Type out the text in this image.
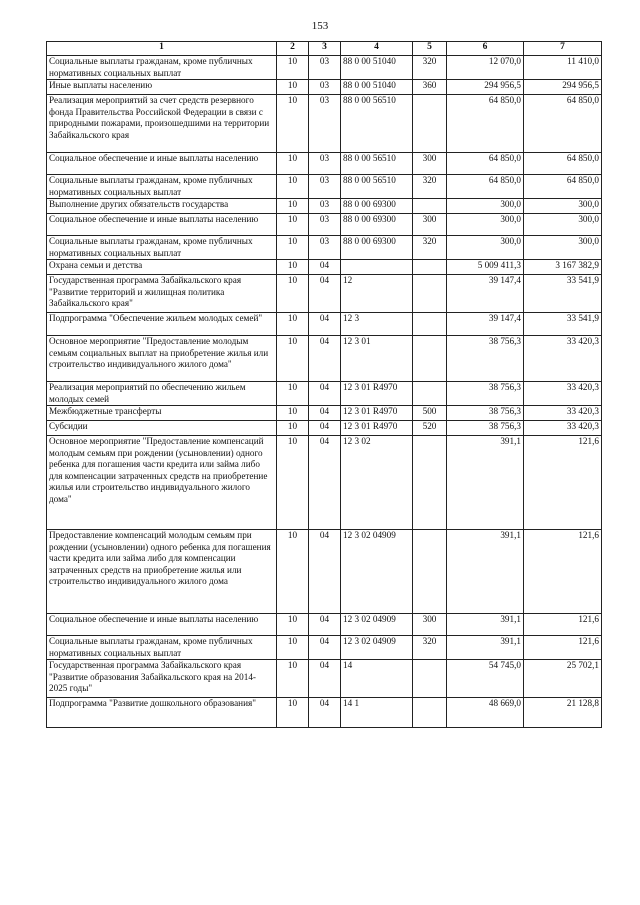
153
1	2	3	4	5	6	7
Социальные выплаты гражданам, кроме публичных нормативных социальных выплат	10	03	88 0 00 51040	320	12 070,0	11 410,0
Иные выплаты населению	10	03	88 0 00 51040	360	294 956,5	294 956,5
Реализация мероприятий за счет средств резервного фонда Правительства Российской Федерации в связи с природными пожарами, произошедшими на территории Забайкальского края	10	03	88 0 00 56510		64 850,0	64 850,0
Социальное обеспечение и иные выплаты населению	10	03	88 0 00 56510	300	64 850,0	64 850,0
Социальные выплаты гражданам, кроме публичных нормативных социальных выплат	10	03	88 0 00 56510	320	64 850,0	64 850,0
Выполнение других обязательств государства	10	03	88 0 00 69300		300,0	300,0
Социальное обеспечение и иные выплаты населению	10	03	88 0 00 69300	300	300,0	300,0
Социальные выплаты гражданам, кроме публичных нормативных социальных выплат	10	03	88 0 00 69300	320	300,0	300,0
Охрана семьи и детства	10	04			5 009 411,3	3 167 382,9
Государственная программа Забайкальского края "Развитие территорий и жилищная политика Забайкальского края"	10	04	12		39 147,4	33 541,9
Подпрограмма "Обеспечение жильем молодых семей"	10	04	12 3		39 147,4	33 541,9
Основное мероприятие "Предоставление молодым семьям социальных выплат на приобретение жилья или строительство индивидуального жилого дома"	10	04	12 3 01		38 756,3	33 420,3
Реализация мероприятий по обеспечению жильем молодых семей	10	04	12 3 01 R4970		38 756,3	33 420,3
Межбюджетные трансферты	10	04	12 3 01 R4970	500	38 756,3	33 420,3
Субсидии	10	04	12 3 01 R4970	520	38 756,3	33 420,3
Основное мероприятие "Предоставление компенсаций молодым семьям при рождении (усыновлении) одного ребенка для погашения части кредита или займа либо для компенсации затраченных средств на приобретение жилья или строительство индивидуального жилого дома"	10	04	12 3 02		391,1	121,6
Предоставление компенсаций молодым семьям при рождении (усыновлении) одного ребенка для погашения части кредита или займа либо для компенсации затраченных средств на приобретение жилья или строительство индивидуального жилого дома	10	04	12 3 02 04909		391,1	121,6
Социальное обеспечение и иные выплаты населению	10	04	12 3 02 04909	300	391,1	121,6
Социальные выплаты гражданам, кроме публичных нормативных социальных выплат	10	04	12 3 02 04909	320	391,1	121,6
Государственная программа Забайкальского края "Развитие образования Забайкальского края на 2014-2025 годы"	10	04	14		54 745,0	25 702,1
Подпрограмма "Развитие дошкольного образования"	10	04	14 1		48 669,0	21 128,8
